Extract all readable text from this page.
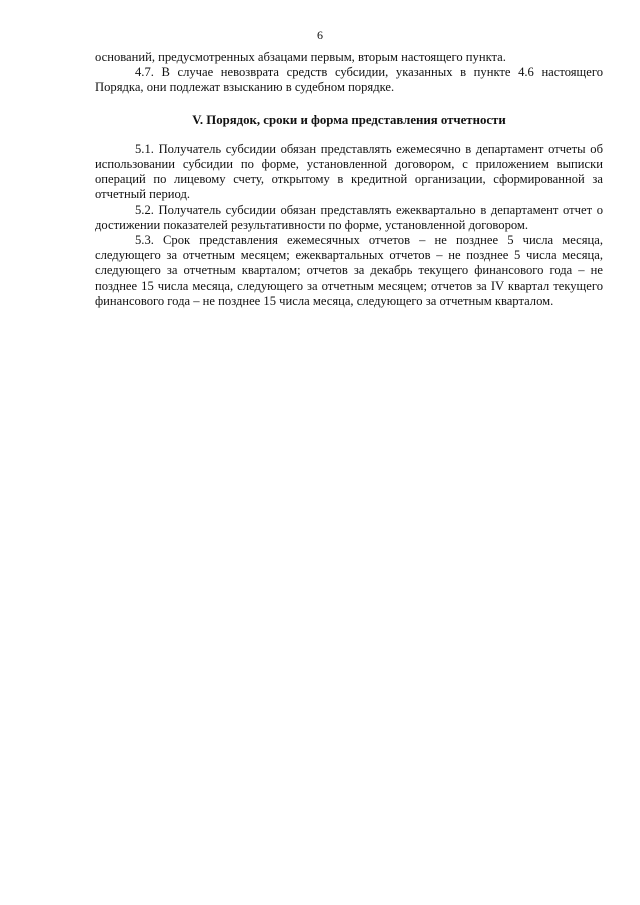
6

оснований, предусмотренных абзацами первым, вторым настоящего пункта.

4.7. В случае невозврата средств субсидии, указанных в пункте 4.6 настоящего Порядка, они подлежат взысканию в судебном порядке.

V. Порядок, сроки и форма представления отчетности

5.1. Получатель субсидии обязан представлять ежемесячно в департамент отчеты об использовании субсидии по форме, установленной договором, с приложением выписки операций по лицевому счету, открытому в кредитной организации, сформированной за отчетный период.

5.2. Получатель субсидии обязан представлять ежеквартально в департамент отчет о достижении показателей результативности по форме, установленной договором.

5.3. Срок представления ежемесячных отчетов – не позднее 5 числа месяца, следующего за отчетным месяцем; ежеквартальных отчетов – не позднее 5 числа месяца, следующего за отчетным кварталом; отчетов за декабрь текущего финансового года – не позднее 15 числа месяца, следующего за отчетным месяцем; отчетов за IV квартал текущего финансового года – не позднее 15 числа месяца, следующего за отчетным кварталом.
